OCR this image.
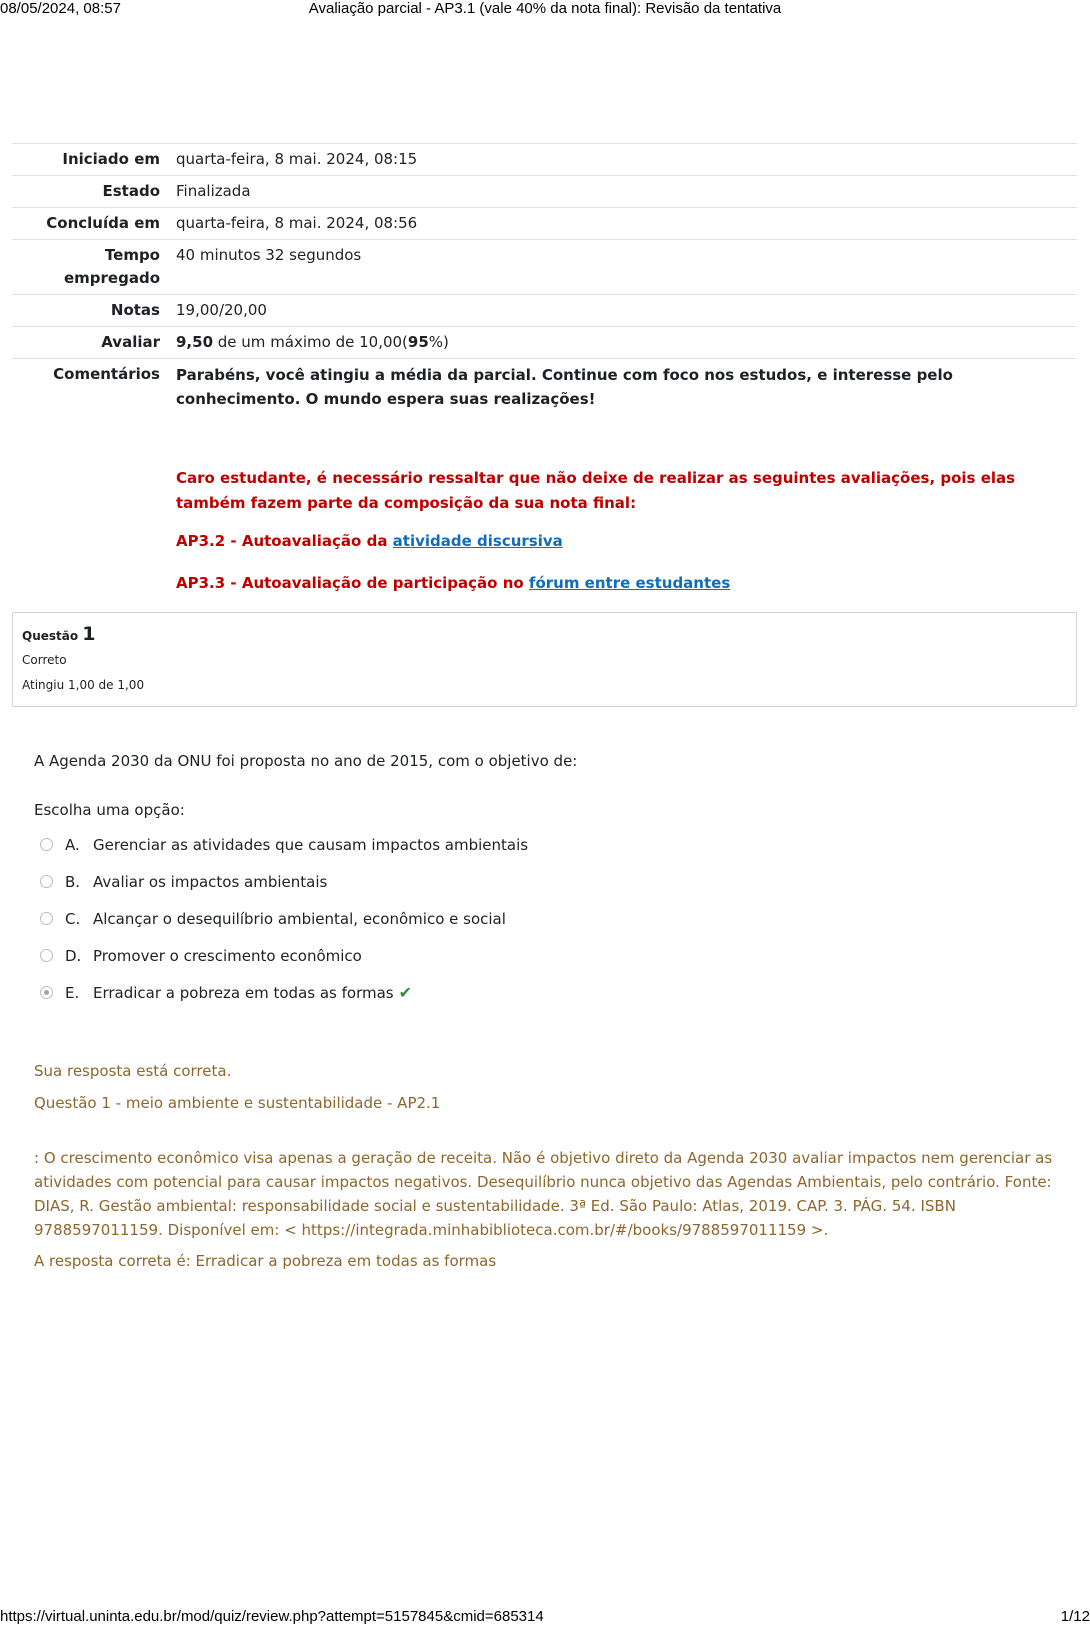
08/05/2024, 08:57	Avaliação parcial - AP3.1 (vale 40% da nota final): Revisão da tentativa
Iniciado em	quarta-feira, 8 mai. 2024, 08:15
Estado	Finalizada
Concluída em	quarta-feira, 8 mai. 2024, 08:56
Tempo
empregado	40 minutos 32 segundos
Notas	19,00/20,00
Avaliar	9,50 de um máximo de 10,00(95%)
Comentários	Parabéns, você atingiu a média da parcial. Continue com foco nos estudos, e interesse pelo conhecimento. O mundo espera suas realizações!

Caro estudante, é necessário ressaltar que não deixe de realizar as seguintes avaliações, pois elas também fazem parte da composição da sua nota final:

AP3.2 - Autoavaliação da atividade discursiva

AP3.3 - Autoavaliação de participação no fórum entre estudantes

Questão 1
Correto
Atingiu 1,00 de 1,00
A Agenda 2030 da ONU foi proposta no ano de 2015, com o objetivo de:
Escolha uma opção:
A. Gerenciar as atividades que causam impactos ambientais
B. Avaliar os impactos ambientais
C. Alcançar o desequilíbrio ambiental, econômico e social
D. Promover o crescimento econômico
E. Erradicar a pobreza em todas as formas ✔

Sua resposta está correta.

Questão 1 - meio ambiente e sustentabilidade - AP2.1

: O crescimento econômico visa apenas a geração de receita. Não é objetivo direto da Agenda 2030 avaliar impactos nem gerenciar as atividades com potencial para causar impactos negativos. Desequilíbrio nunca objetivo das Agendas Ambientais, pelo contrário. Fonte: DIAS, R. Gestão ambiental: responsabilidade social e sustentabilidade. 3ª Ed. São Paulo: Atlas, 2019. CAP. 3. PÁG. 54. ISBN 9788597011159. Disponível em: < https://integrada.minhabiblioteca.com.br/#/books/9788597011159 >.

A resposta correta é: Erradicar a pobreza em todas as formas

https://virtual.uninta.edu.br/mod/quiz/review.php?attempt=5157845&cmid=685314	1/12
